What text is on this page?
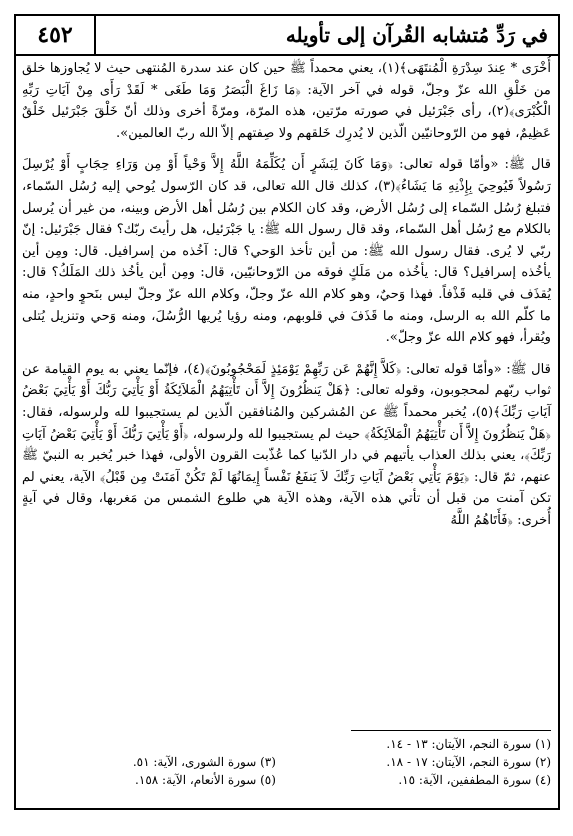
٤٥٢	في رَدِّ مُتشابه القُرآن إلى تأويله

أُخْرَى * عِندَ سِدْرَةِ الْمُنتَهَى﴾(١)، يعني محمداً ﷺ حين كان عند سدرة المُنتهى حيث لا يُجاوزها خلق من خَلْقِ الله عزّ وجلّ، قوله في آخر الآية: ﴿مَا زَاغَ الْبَصَرُ وَمَا طَغَى * لَقَدْ رَأَى مِنْ آيَاتِ رَبِّهِ الْكُبْرَى﴾(٢)، رأى جَبْرَئيل في صورته مرّتين، هذه المرّة، ومرّةً أخرى وذلك أنّ خَلْقَ جَبْرَئيل خَلْقٌ عَظِيمٌ، فهو من الرّوحانيّين الّذين لا يُدرِك خَلقهم ولا صِفتهم إلاّ الله ربّ العالمين».

قال ﷺ: «وأمّا قوله تعالى: ﴿وَمَا كَانَ لِبَشَرٍ أَن يُكَلِّمَهُ اللَّهُ إِلاَّ وَحْياً أَوْ مِن وَرَاءِ حِجَابٍ أَوْ يُرْسِلَ رَسُولاً فَيُوحِيَ بِإِذْنِهِ مَا يَشَاءُ﴾(٣)، كذلك قال الله تعالى، قد كان الرّسول يُوحي إليه رُسُل السّماء، فتبلغ رُسُل السّماء إلى رُسُل الأرض، وقد كان الكلام بين رُسُل أهل الأرض وبينه، من غير أن يُرسل بالكلام مع رُسُل أهل السّماء، وقد قال رسول الله ﷺ: يا جَبْرَئيل، هل رأيتَ ربّك؟ فقال جَبْرَئيل: إنّ ربّي لا يُرى. فقال رسول الله ﷺ: من أين تأخذ الوَحي؟ قال: آخُذه من إسرافيل. قال: ومِن أين يأخُذه إسرافيل؟ قال: يأخُذه من مَلَكٍ فوقه من الرّوحانيّين، قال: ومِن أين يأخُذ ذلك المَلَكُ؟ قال: يُقذَف في قلبه قَذْفاً. فهذا وَحيٌ، وهو كلام الله عزّ وجلّ، وكلام الله عزّ وجلّ ليس بنَحوٍ واحدٍ، منه ما كلّم الله به الرسل، ومنه ما قَذَفَ في قلوبهم، ومنه رؤيا يُريها الرُّسُلَ، ومنه وَحي وتنزيل يُتلى ويُقرأ، فهو كلام الله عزّ وجلّ».

قال ﷺ: «وأمّا قوله تعالى: ﴿كَلاَّ إِنَّهُمْ عَن رَبِّهِمْ يَوْمَئِذٍ لَمَحْجُوبُونَ﴾(٤)، فإنّما يعني به يوم القيامة عن ثواب ربّهم لمحجوبون، وقوله تعالى: ﴿هَلْ يَنظُرُونَ إِلاَّ أَن تَأْتِيَهُمُ الْمَلاَئِكَةُ أَوْ يَأْتِيَ رَبُّكَ أَوْ يَأْتِيَ بَعْضُ آيَاتِ رَبِّكَ﴾(٥)، يُخبر محمداً ﷺ عن المُشركين والمُنافقين الّذين لم يستجيبوا لله ولرسوله، فقال: ﴿هَلْ يَنظُرُونَ إِلاَّ أَن تَأْتِيَهُمُ الْمَلاَئِكَةُ﴾ حيث لم يستجيبوا لله ولرسوله، ﴿أَوْ يَأْتِيَ رَبُّكَ أَوْ يَأْتِيَ بَعْضُ آيَاتِ رَبِّكَ﴾، يعني بذلك العذاب يأتيهم في دار الدّنيا كما عُذّبت القرون الأولى، فهذا خبر يُخبر به النبيّ ﷺ عنهم، ثمّ قال: ﴿يَوْمَ يَأْتِي بَعْضُ آيَاتِ رَبِّكَ لاَ يَنفَعُ نَفْساً إِيمَانُهَا لَمْ تَكُنْ آمَنَتْ مِن قَبْلُ﴾ الآية، يعني لم تكن آمنت من قبل أن تأتي هذه الآية، وهذه الآية هي طلوع الشمس من مَغربها، وقال في آيةٍ أُخرى: ﴿فَأَتَاهُمُ اللَّهُ

(١) سورة النجم، الآيتان: ١٣ - ١٤.
(٢) سورة النجم، الآيتان: ١٧ - ١٨.
(٣) سورة الشورى، الآية: ٥١.
(٤) سورة المطففين، الآية: ١٥.
(٥) سورة الأنعام، الآية: ١٥٨.
